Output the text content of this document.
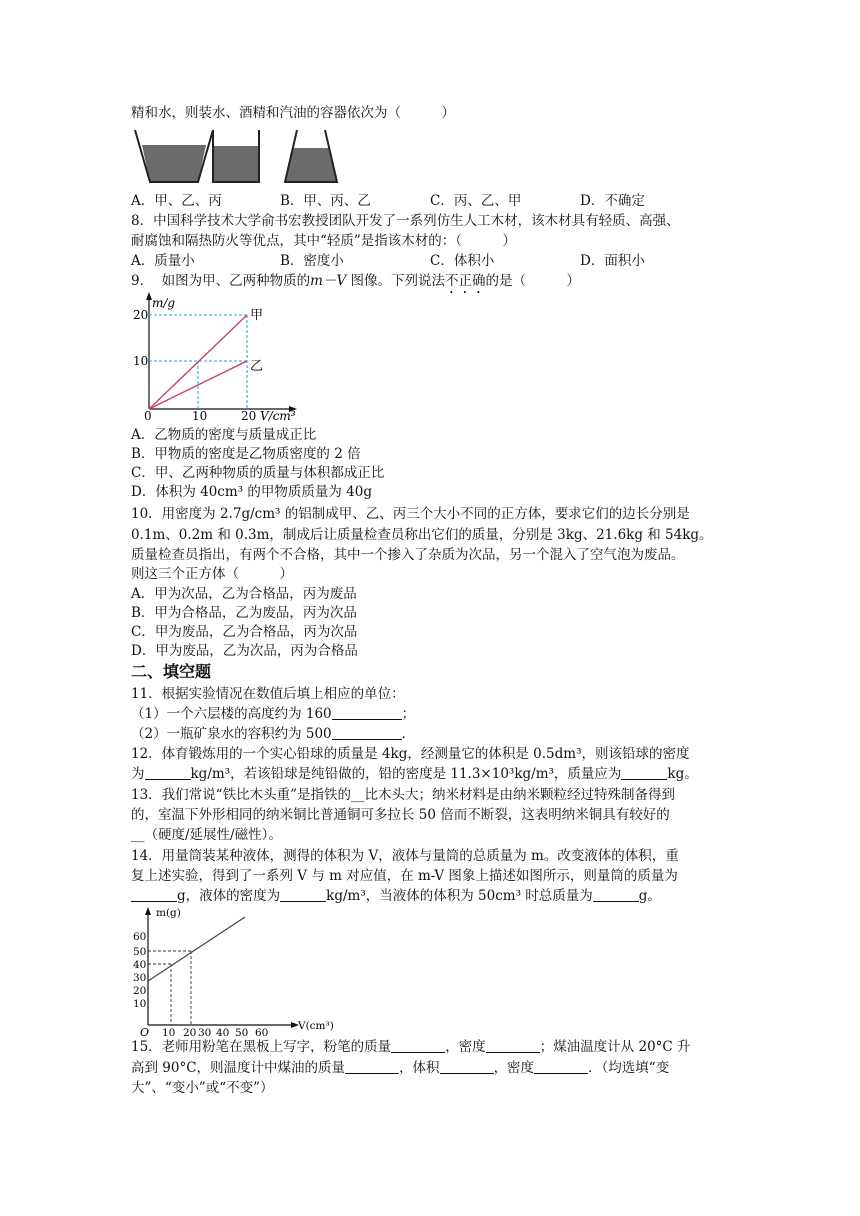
精和水，则装水、酒精和汽油的容器依次为（　　　）
A．甲、乙、丙	B．甲、丙、乙	C．丙、乙、甲	D．不确定
8．中国科学技术大学俞书宏教授团队开发了一系列仿生人工木材，该木材具有轻质、高强、
耐腐蚀和隔热防火等优点，其中“轻质”是指该木材的：（　　　）
A．质量小	B．密度小	C．体积小	D．面积小
9．  如图为甲、乙两种物质的m－V 图像。下列说法不正确的是（　　　）
m/g
20
10
0	10	20 V/cm³
甲
乙
A．乙物质的密度与质量成正比
B．甲物质的密度是乙物质密度的 2 倍
C．甲、乙两种物质的质量与体积都成正比
D．体积为 40cm³ 的甲物质质量为 40g
10．用密度为 2.7g/cm³ 的铝制成甲、乙、丙三个大小不同的正方体，要求它们的边长分别是
0.1m、0.2m 和 0.3m，制成后让质量检查员称出它们的质量，分别是 3kg、21.6kg 和 54kg。
质量检查员指出，有两个不合格，其中一个掺入了杂质为次品，另一个混入了空气泡为废品。
则这三个正方体（　　　）
A．甲为次品，乙为合格品，丙为废品
B．甲为合格品，乙为废品，丙为次品
C．甲为废品，乙为合格品，丙为次品
D．甲为废品，乙为次品，丙为合格品
二、填空题
11．根据实验情况在数值后填上相应的单位：
（1）一个六层楼的高度约为 160	；
（2）一瓶矿泉水的容积约为 500	．
12．体育锻炼用的一个实心铅球的质量是 4kg，经测量它的体积是 0.5dm³，则该铅球的密度
为	kg/m³，若该铅球是纯铅做的，铅的密度是 11.3×10³kg/m³，质量应为	kg。
13．我们常说“铁比木头重”是指铁的__比木头大；纳米材料是由纳米颗粒经过特殊制备得到
的，室温下外形相同的纳米铜比普通铜可多拉长 50 倍而不断裂，这表明纳米铜具有较好的
__（硬度/延展性/磁性）。
14．用量筒装某种液体，测得的体积为 V，液体与量筒的总质量为 m。改变液体的体积，重
复上述实验，得到了一系列 V 与 m 对应值，在 m-V 图象上描述如图所示，则量筒的质量为
g，液体的密度为	kg/m³，当液体的体积为 50cm³ 时总质量为	g。
m(g)
60
50
40
30
20
10
O 10 20 30 40 50 60
V(cm³)
15．老师用粉笔在黑板上写字，粉笔的质量	，密度	；煤油温度计从 20°C 升
高到 90°C，则温度计中煤油的质量	，体积	，密度	．（均选填“变
大”、“变小”或“不变”）
